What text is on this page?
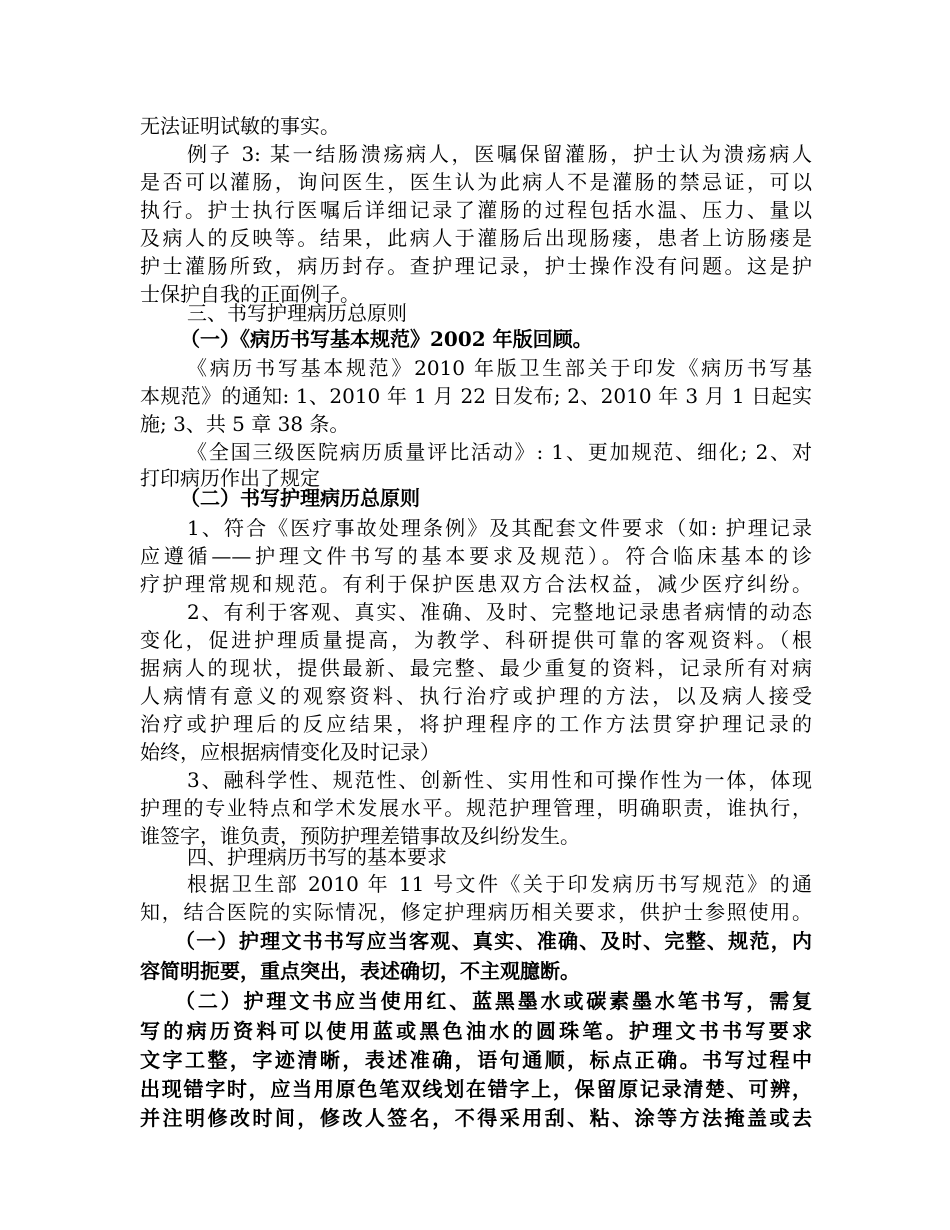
无法证明试敏的事实。
例子 3: 某一结肠溃疡病人，医嘱保留灌肠，护士认为溃疡病人
是否可以灌肠，询问医生，医生认为此病人不是灌肠的禁忌证，可以
执行。护士执行医嘱后详细记录了灌肠的过程包括水温、压力、量以
及病人的反映等。结果，此病人于灌肠后出现肠瘘，患者上访肠瘘是
护士灌肠所致，病历封存。查护理记录，护士操作没有问题。这是护
士保护自我的正面例子。
三、书写护理病历总原则
（一）《病历书写基本规范》2002 年版回顾。
《病历书写基本规范》2010 年版卫生部关于印发《病历书写基
本规范》的通知: 1、2010 年 1 月 22 日发布; 2、2010 年 3 月 1 日起实
施; 3、共 5 章 38 条。
《全国三级医院病历质量评比活动》: 1、更加规范、细化; 2、对
打印病历作出了规定
（二）书写护理病历总原则
1、符合《医疗事故处理条例》及其配套文件要求（如: 护理记录
应遵循——护理文件书写的基本要求及规范）。符合临床基本的诊
疗护理常规和规范。有利于保护医患双方合法权益，减少医疗纠纷。
2、有利于客观、真实、准确、及时、完整地记录患者病情的动态
变化，促进护理质量提高，为教学、科研提供可靠的客观资料。（根
据病人的现状，提供最新、最完整、最少重复的资料，记录所有对病
人病情有意义的观察资料、执行治疗或护理的方法，以及病人接受
治疗或护理后的反应结果，将护理程序的工作方法贯穿护理记录的
始终，应根据病情变化及时记录）
3、融科学性、规范性、创新性、实用性和可操作性为一体，体现
护理的专业特点和学术发展水平。规范护理管理，明确职责，谁执行，
谁签字，谁负责，预防护理差错事故及纠纷发生。
四、护理病历书写的基本要求
根据卫生部 2010 年 11 号文件《关于印发病历书写规范》的通
知，结合医院的实际情况，修定护理病历相关要求，供护士参照使用。
（一）护理文书书写应当客观、真实、准确、及时、完整、规范，内
容简明扼要，重点突出，表述确切，不主观臆断。
（二）护理文书应当使用红、蓝黑墨水或碳素墨水笔书写，需复
写的病历资料可以使用蓝或黑色油水的圆珠笔。护理文书书写要求
文字工整，字迹清晰，表述准确，语句通顺，标点正确。书写过程中
出现错字时，应当用原色笔双线划在错字上，保留原记录清楚、可辨，
并注明修改时间，修改人签名，不得采用刮、粘、涂等方法掩盖或去
